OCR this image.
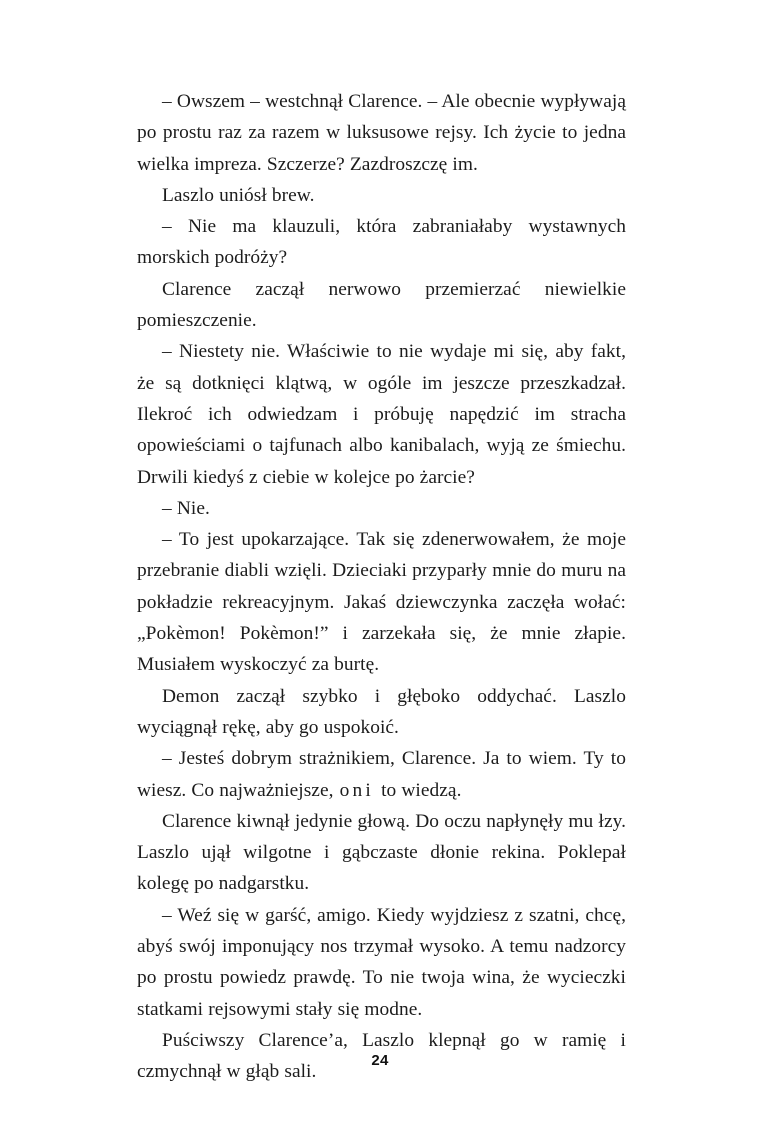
– Owszem – westchnął Clarence. – Ale obecnie wypływają po prostu raz za razem w luksusowe rejsy. Ich życie to jedna wielka impreza. Szczerze? Zazdroszczę im.

Laszlo uniósł brew.

– Nie ma klauzuli, która zabraniałaby wystawnych morskich podróży?

Clarence zaczął nerwowo przemierzać niewielkie pomieszczenie.

– Niestety nie. Właściwie to nie wydaje mi się, aby fakt, że są dotknięci klątwą, w ogóle im jeszcze przeszkadzał. Ilekroć ich odwiedzam i próbuję napędzić im stracha opowieściami o tajfunach albo kanibalach, wyją ze śmiechu. Drwili kiedyś z ciebie w kolejce po żarcie?

– Nie.

– To jest upokarzające. Tak się zdenerwowałem, że moje przebranie diabli wzięli. Dzieciaki przyparły mnie do muru na pokładzie rekreacyjnym. Jakaś dziewczynka zaczęła wołać: „Pokèmon! Pokèmon!” i zarzekała się, że mnie złapie. Musiałem wyskoczyć za burtę.

Demon zaczął szybko i głęboko oddychać. Laszlo wyciągnął rękę, aby go uspokoić.

– Jesteś dobrym strażnikiem, Clarence. Ja to wiem. Ty to wiesz. Co najważniejsze, oni to wiedzą.

Clarence kiwnął jedynie głową. Do oczu napłynęły mu łzy. Laszlo ujął wilgotne i gąbczaste dłonie rekina. Poklepał kolegę po nadgarstku.

– Weź się w garść, amigo. Kiedy wyjdziesz z szatni, chcę, abyś swój imponujący nos trzymał wysoko. A temu nadzorcy po prostu powiedz prawdę. To nie twoja wina, że wycieczki statkami rejsowymi stały się modne.

Puściwszy Clarence’a, Laszlo klepnął go w ramię i czmychnął w głąb sali.

24
